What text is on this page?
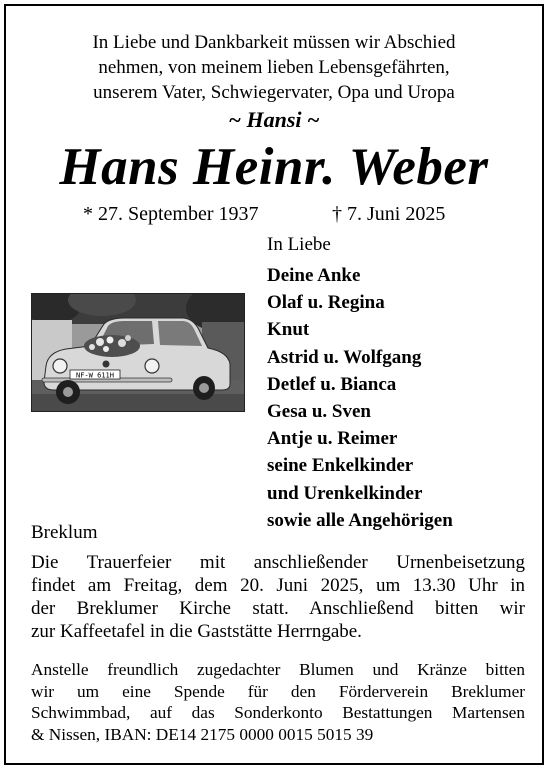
In Liebe und Dankbarkeit müssen wir Abschied
nehmen, von meinem lieben Lebensgefährten,
unserem Vater, Schwiegervater, Opa und Uropa
~ Hansi ~
Hans Heinr. Weber
* 27. September 1937	† 7. Juni 2025
NF-W 611H
In Liebe
Deine Anke
Olaf u. Regina
Knut
Astrid u. Wolfgang
Detlef u. Bianca
Gesa u. Sven
Antje u. Reimer
seine Enkelkinder
und Urenkelkinder
sowie alle Angehörigen
Breklum
Die Trauerfeier mit anschließender Urnenbeisetzung
findet am Freitag, dem 20. Juni 2025, um 13.30 Uhr in
der Breklumer Kirche statt. Anschließend bitten wir
zur Kaffeetafel in die Gaststätte Herrngabe.
Anstelle freundlich zugedachter Blumen und Kränze bitten
wir um eine Spende für den Förderverein Breklumer
Schwimmbad, auf das Sonderkonto Bestattungen Martensen
& Nissen, IBAN: DE14 2175 0000 0015 5015 39
